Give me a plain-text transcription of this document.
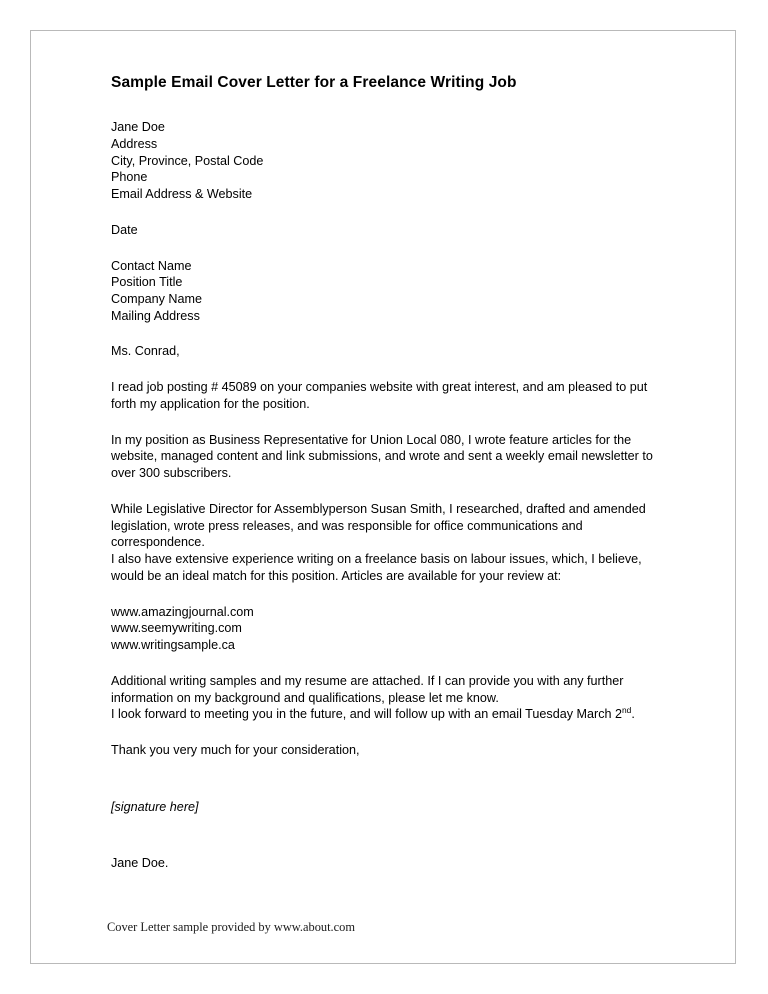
Sample Email Cover Letter for a Freelance Writing Job
Jane Doe
Address
City, Province, Postal Code
Phone
Email Address & Website
Date
Contact Name
Position Title
Company Name
Mailing Address
Ms. Conrad,

I read job posting # 45089 on your companies website with great interest, and am pleased to put forth my application for the position.

In my position as Business Representative for Union Local 080, I wrote feature articles for the website, managed content and link submissions, and wrote and sent a weekly email newsletter to over 300 subscribers.

While Legislative Director for Assemblyperson Susan Smith, I researched, drafted and amended legislation, wrote press releases, and was responsible for office communications and correspondence.

I also have extensive experience writing on a freelance basis on labour issues, which, I believe, would be an ideal match for this position. Articles are available for your review at:

www.amazingjournal.com
www.seemywriting.com
www.writingsample.ca

Additional writing samples and my resume are attached. If I can provide you with any further information on my background and qualifications, please let me know.

I look forward to meeting you in the future, and will follow up with an email Tuesday March 2nd.

Thank you very much for your consideration,

[signature here]

Jane Doe.

Cover Letter sample provided by www.about.com
